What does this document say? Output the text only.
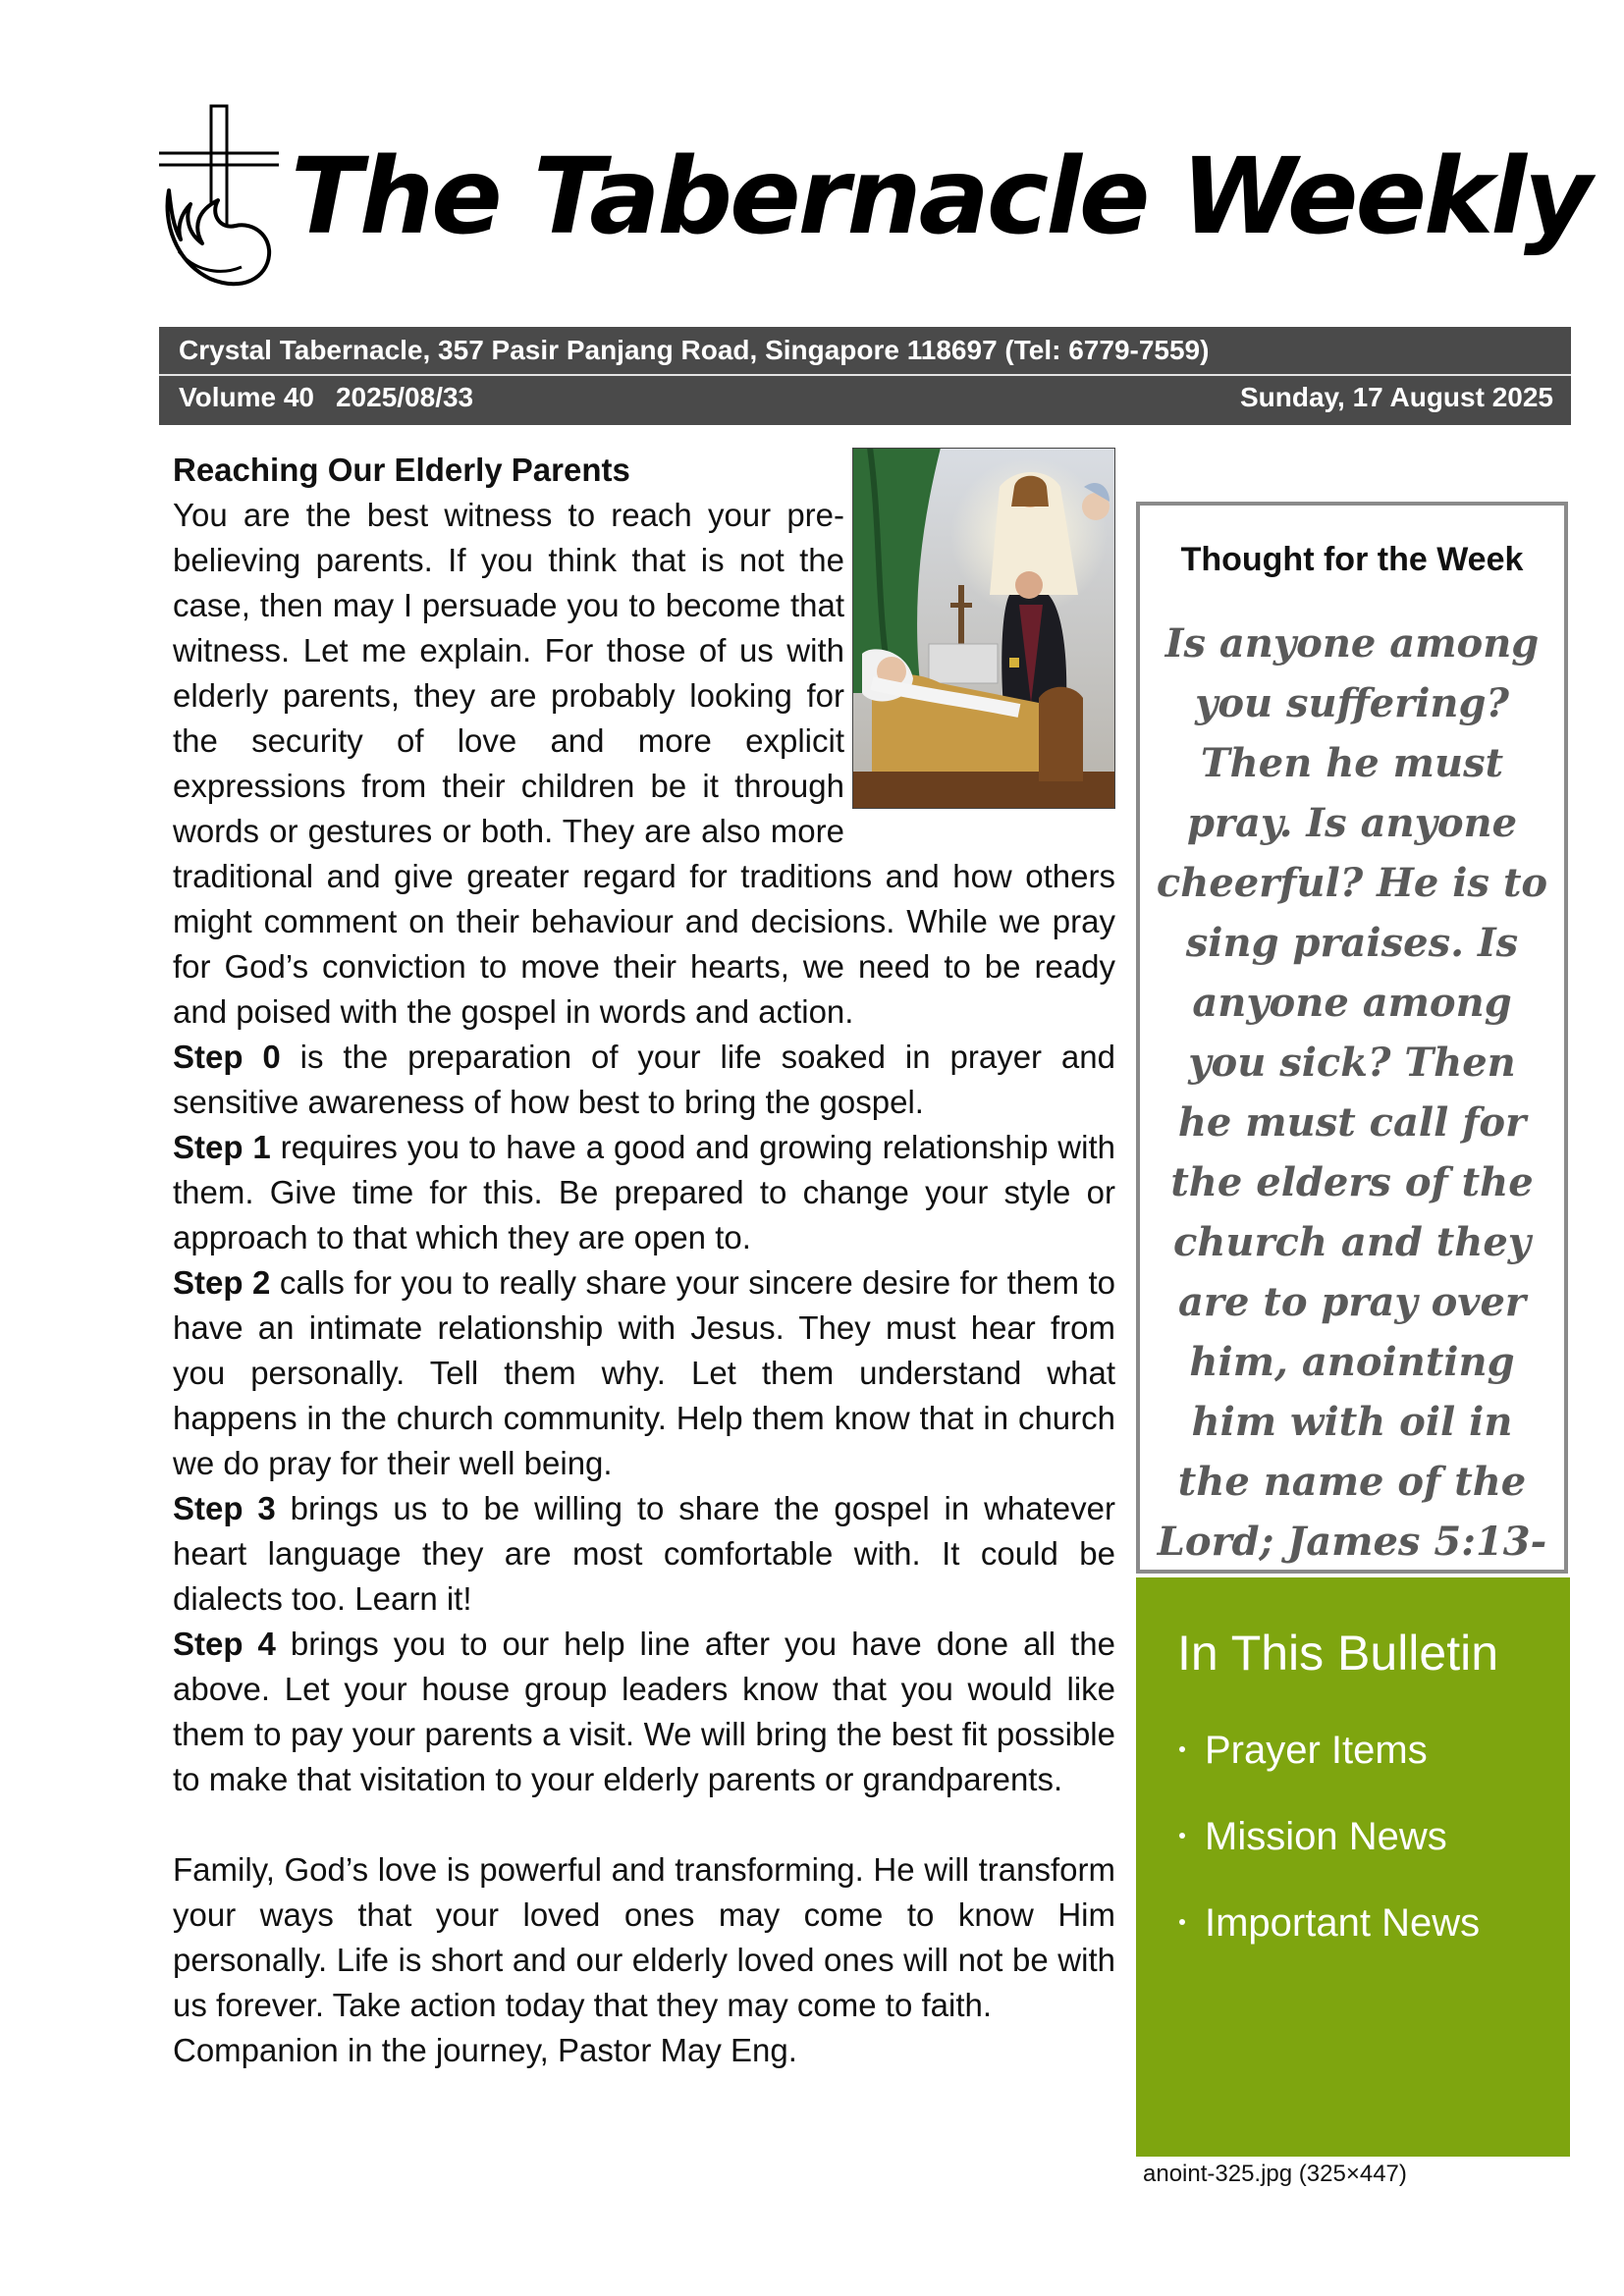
The Tabernacle Weekly
Crystal Tabernacle, 357 Pasir Panjang Road, Singapore 118697 (Tel: 6779-7559)
Volume 40 2025/08/33	Sunday, 17 August 2025

Reaching Our Elderly Parents

You are the best witness to reach your pre-believing parents. If you think that is not the case, then may I persuade you to become that witness. Let me explain. For those of us with elderly parents, they are probably looking for the security of love and more explicit expressions from their children be it through words or gestures or both. They are also more traditional and give greater regard for traditions and how others might comment on their behaviour and decisions. While we pray for God’s conviction to move their hearts, we need to be ready and poised with the gospel in words and action.

Step 0 is the preparation of your life soaked in prayer and sensitive awareness of how best to bring the gospel.

Step 1 requires you to have a good and growing relationship with them. Give time for this. Be prepared to change your style or approach to that which they are open to.

Step 2 calls for you to really share your sincere desire for them to have an intimate relationship with Jesus. They must hear from you personally. Tell them why. Let them understand what happens in the church community. Help them know that in church we do pray for their well being.

Step 3 brings us to be willing to share the gospel in whatever heart language they are most comfortable with. It could be dialects too. Learn it!

Step 4 brings you to our help line after you have done all the above. Let your house group leaders know that you would like them to pay your parents a visit. We will bring the best fit possible to make that visitation to your elderly parents or grandparents.

Family, God’s love is powerful and transforming. He will transform your ways that your loved ones may come to know Him personally. Life is short and our elderly loved ones will not be with us forever. Take action today that they may come to faith.

Companion in the journey, Pastor May Eng.

Thought for the Week
Is anyone among you suffering? Then he must pray. Is anyone cheerful? He is to sing praises. Is anyone among you sick? Then he must call for the elders of the church and they are to pray over him, anointing him with oil in the name of the Lord; James 5:13-
In This Bulletin
Prayer Items
Mission News
Important News
anoint-325.jpg (325×447)
